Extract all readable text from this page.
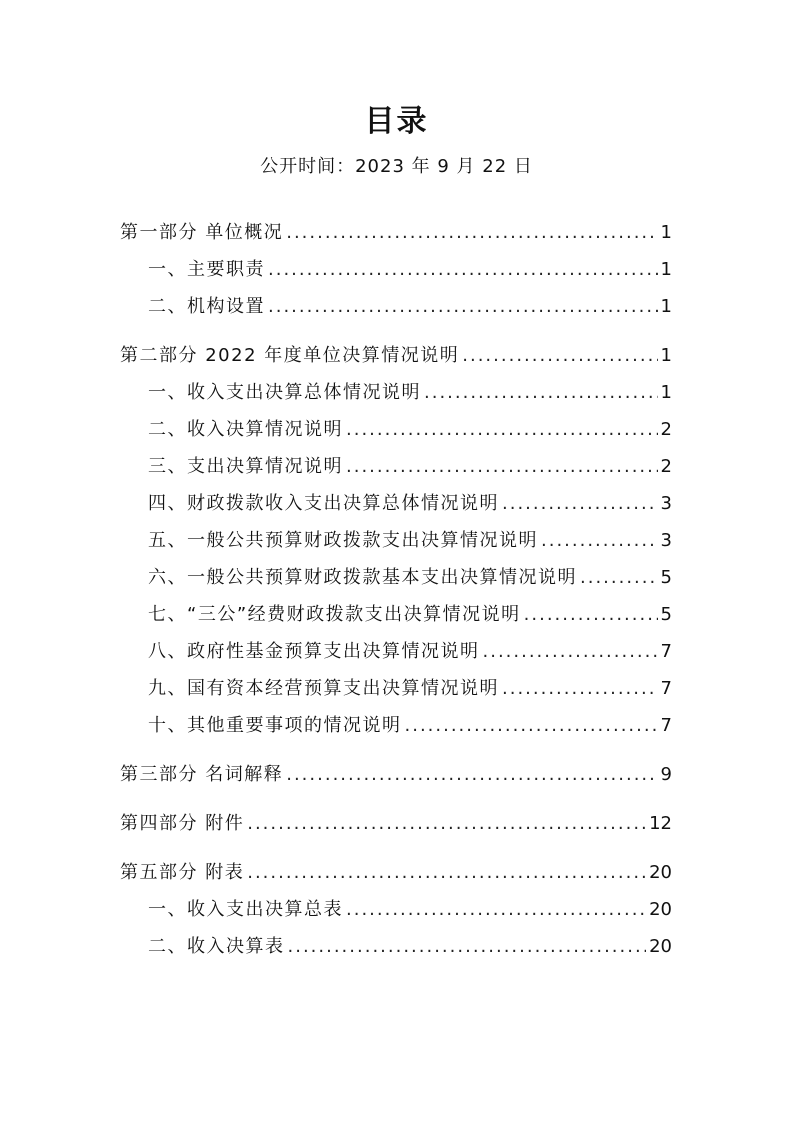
目录
公开时间：2023 年 9 月 22 日
第一部分 单位概况 .....	1
一、主要职责 .....	1
二、机构设置 .....	1
第二部分 2022 年度单位决算情况说明 .....	1
一、收入支出决算总体情况说明 .....	1
二、收入决算情况说明 .....	2
三、支出决算情况说明 .....	2
四、财政拨款收入支出决算总体情况说明 .....	3
五、一般公共预算财政拨款支出决算情况说明 .....	3
六、一般公共预算财政拨款基本支出决算情况说明 .....	5
七、“三公”经费财政拨款支出决算情况说明 .....	5
八、政府性基金预算支出决算情况说明 .....	7
九、国有资本经营预算支出决算情况说明 .....	7
十、其他重要事项的情况说明 .....	7
第三部分 名词解释 .....	9
第四部分 附件 .....	12
第五部分 附表 .....	20
一、收入支出决算总表 .....	20
二、收入决算表 .....	20
